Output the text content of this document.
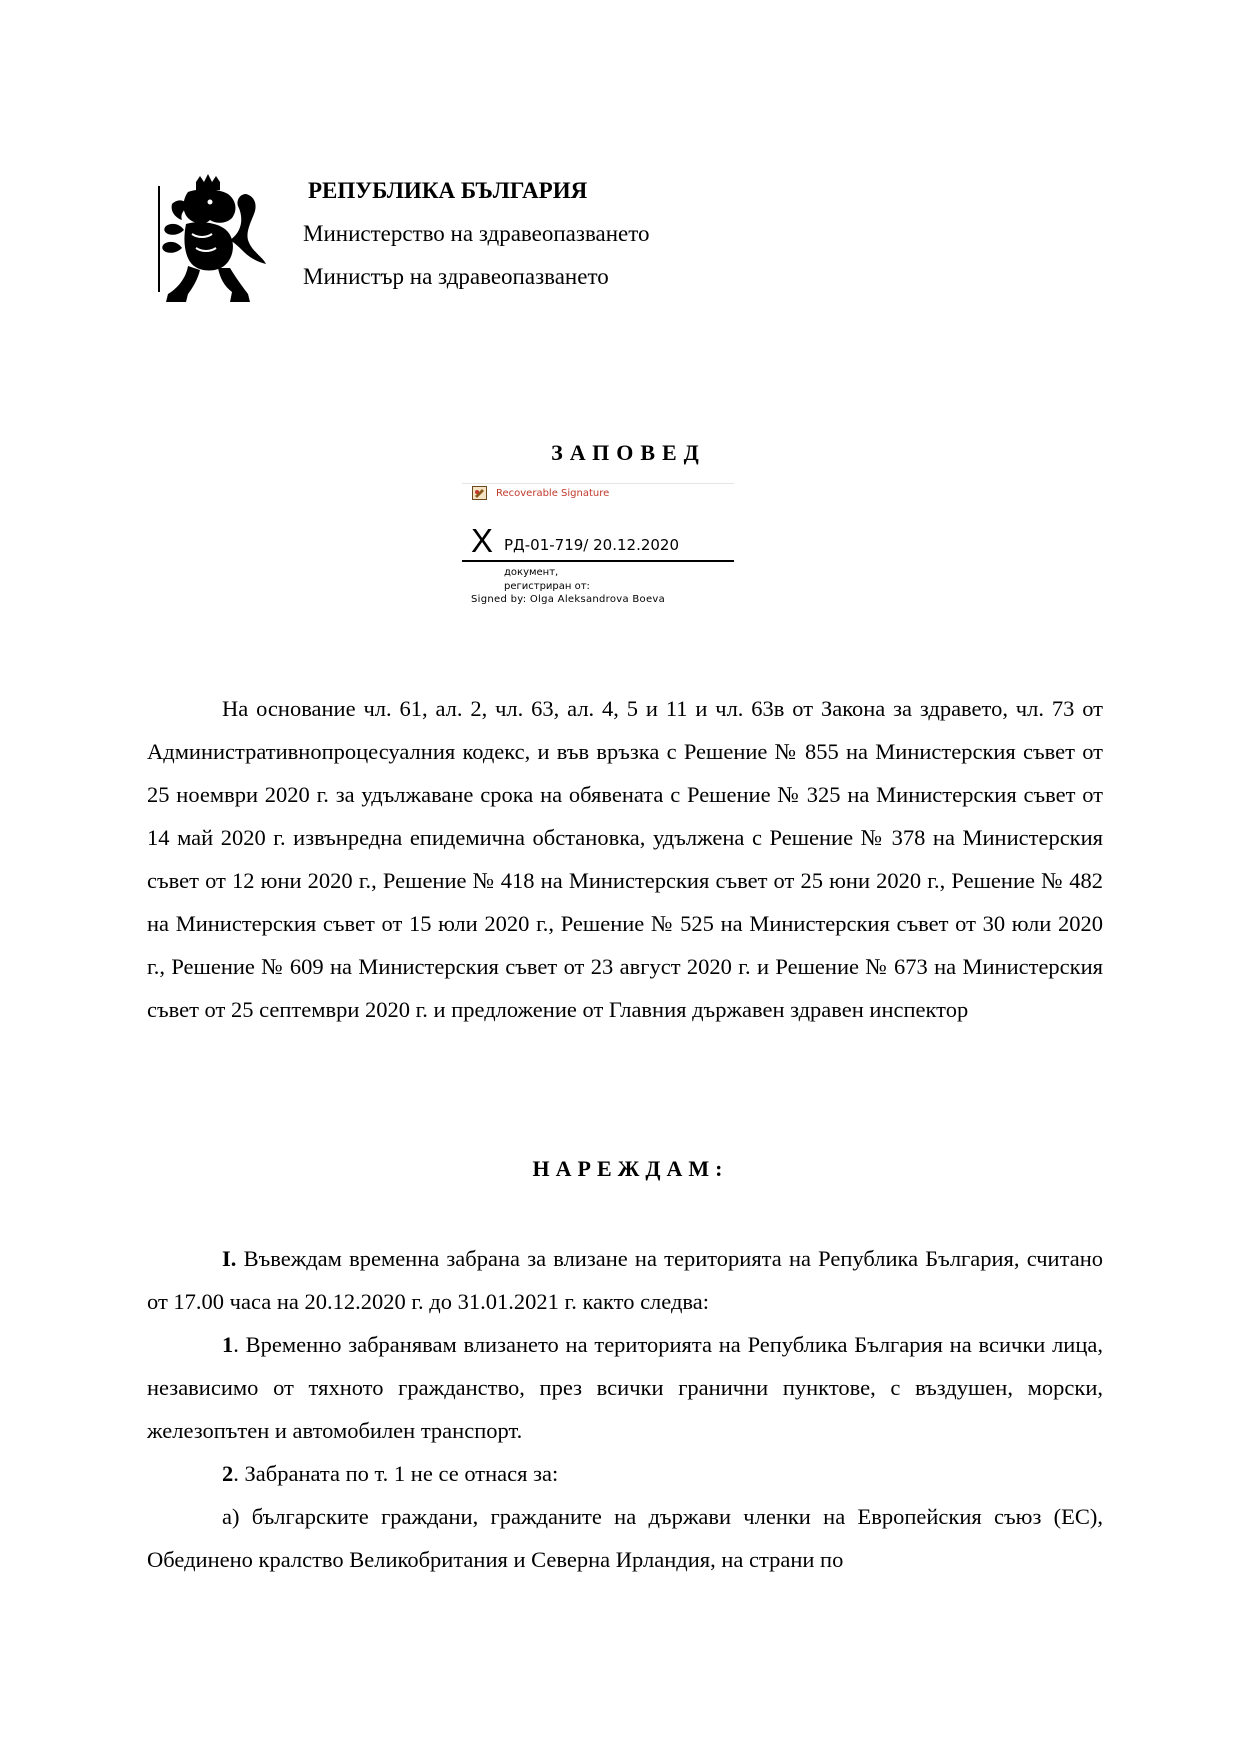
РЕПУБЛИКА БЪЛГАРИЯ
Министерство на здравеопазването
Министър на здравеопазването
ЗАПОВЕД
Recoverable Signature
X РД-01-719/ 20.12.2020
документ,
регистриран от:
Signed by: Olga Aleksandrova Boeva

На основание чл. 61, ал. 2, чл. 63, ал. 4, 5 и 11 и чл. 63в от Закона за здравето, чл. 73 от Административнопроцесуалния кодекс, и във връзка с Решение № 855 на Министерския съвет от 25 ноември 2020 г. за удължаване срока на обявената с Решение № 325 на Министерския съвет от 14 май 2020 г. извънредна епидемична обстановка, удължена с Решение № 378 на Министерския съвет от 12 юни 2020 г., Решение № 418 на Министерския съвет от 25 юни 2020 г., Решение № 482 на Министерския съвет от 15 юли 2020 г., Решение № 525 на Министерския съвет от 30 юли 2020 г., Решение № 609 на Министерския съвет от 23 август 2020 г. и Решение № 673 на Министерския съвет от 25 септември 2020 г. и предложение от Главния държавен здравен инспектор

НАРЕЖДАМ:

I. Въвеждам временна забрана за влизане на територията на Република България, считано от 17.00 часа на 20.12.2020 г. до 31.01.2021 г. както следва:

1. Временно забранявам влизането на територията на Република България на всички лица, независимо от тяхното гражданство, през всички гранични пунктове, с въздушен, морски, железопътен и автомобилен транспорт.

2. Забраната по т. 1 не се отнася за:

а) българските граждани, гражданите на държави членки на Европейския съюз (ЕС), Обединено кралство Великобритания и Северна Ирландия, на страни по
